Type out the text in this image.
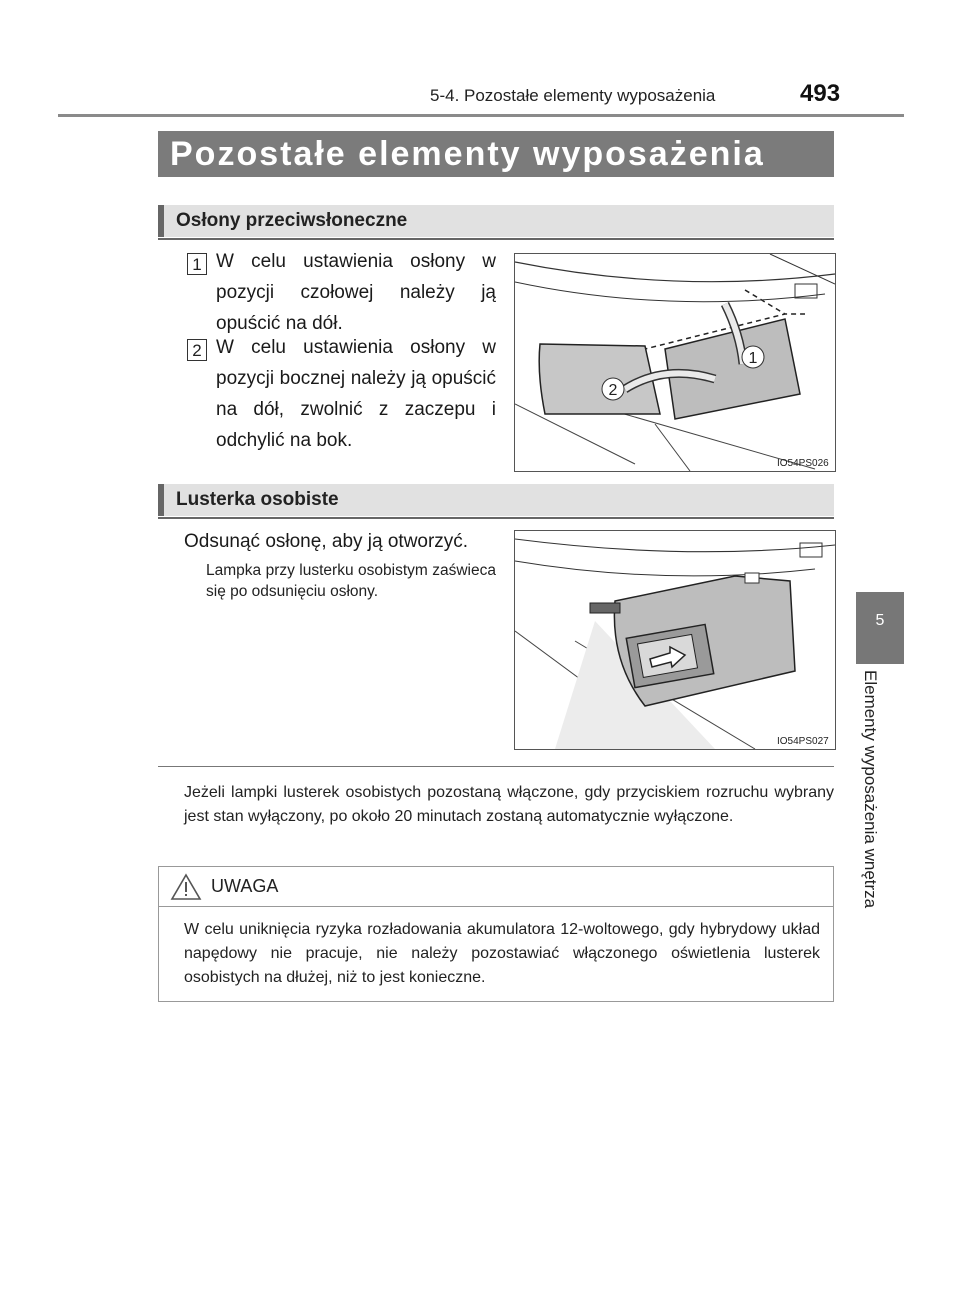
5-4. Pozostałe elementy wyposażenia	493
Pozostałe elementy wyposażenia
Osłony przeciwsłoneczne
1 W celu ustawienia osłony w pozycji czołowej należy ją opuścić na dół.
2 W celu ustawienia osłony w pozycji bocznej należy ją opuścić na dół, zwolnić z zaczepu i odchylić na bok.
1
2
IO54PS026
Lusterka osobiste
Odsunąć osłonę, aby ją otworzyć.
Lampka przy lusterku osobistym zaświeca się po odsunięciu osłony.
IO54PS027
Jeżeli lampki lusterek osobistych pozostaną włączone, gdy przyciskiem rozruchu wybrany jest stan wyłączony, po około 20 minutach zostaną automatycznie wyłączone.
UWAGA
W celu uniknięcia ryzyka rozładowania akumulatora 12-woltowego, gdy hybrydowy układ napędowy nie pracuje, nie należy pozostawiać włączonego oświetlenia lusterek osobistych na dłużej, niż to jest konieczne.
5
Elementy wyposażenia wnętrza
